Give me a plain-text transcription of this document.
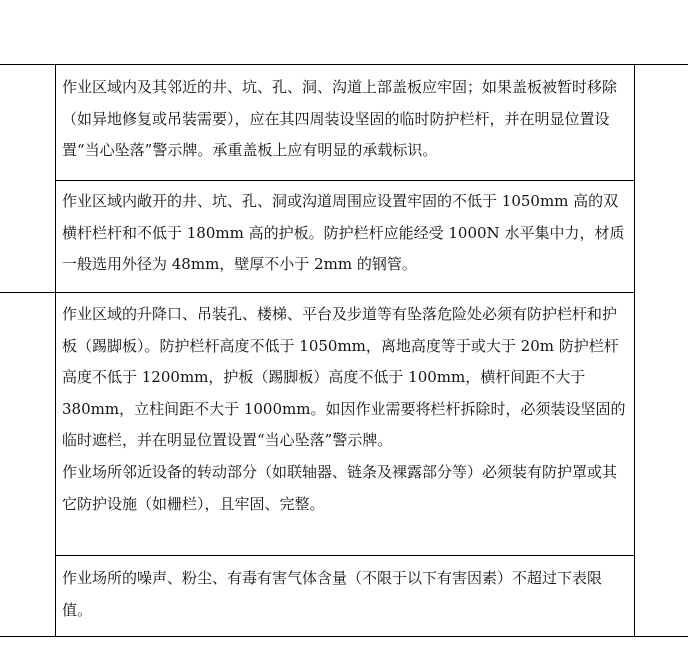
作业区域内及其邻近的井、坑、孔、洞、沟道上部盖板应牢固；如果盖板被暂时移除（如异地修复或吊装需要），应在其四周装设坚固的临时防护栏杆，并在明显位置设置“当心坠落”警示牌。承重盖板上应有明显的承载标识。

作业区域内敞开的井、坑、孔、洞或沟道周围应设置牢固的不低于 1050mm 高的双横杆栏杆和不低于 180mm 高的护板。防护栏杆应能经受 1000N 水平集中力，材质一般选用外径为 48mm，壁厚不小于 2mm 的钢管。

作业区域的升降口、吊装孔、楼梯、平台及步道等有坠落危险处必须有防护栏杆和护板（踢脚板）。防护栏杆高度不低于 1050mm，离地高度等于或大于 20m 防护栏杆高度不低于 1200mm，护板（踢脚板）高度不低于 100mm，横杆间距不大于 380mm，立柱间距不大于 1000mm。如因作业需要将栏杆拆除时，必须装设坚固的临时遮栏，并在明显位置设置“当心坠落”警示牌。

作业场所邻近设备的转动部分（如联轴器、链条及裸露部分等）必须装有防护罩或其它防护设施（如栅栏），且牢固、完整。

作业场所的噪声、粉尘、有毒有害气体含量（不限于以下有害因素）不超过下表限值。
